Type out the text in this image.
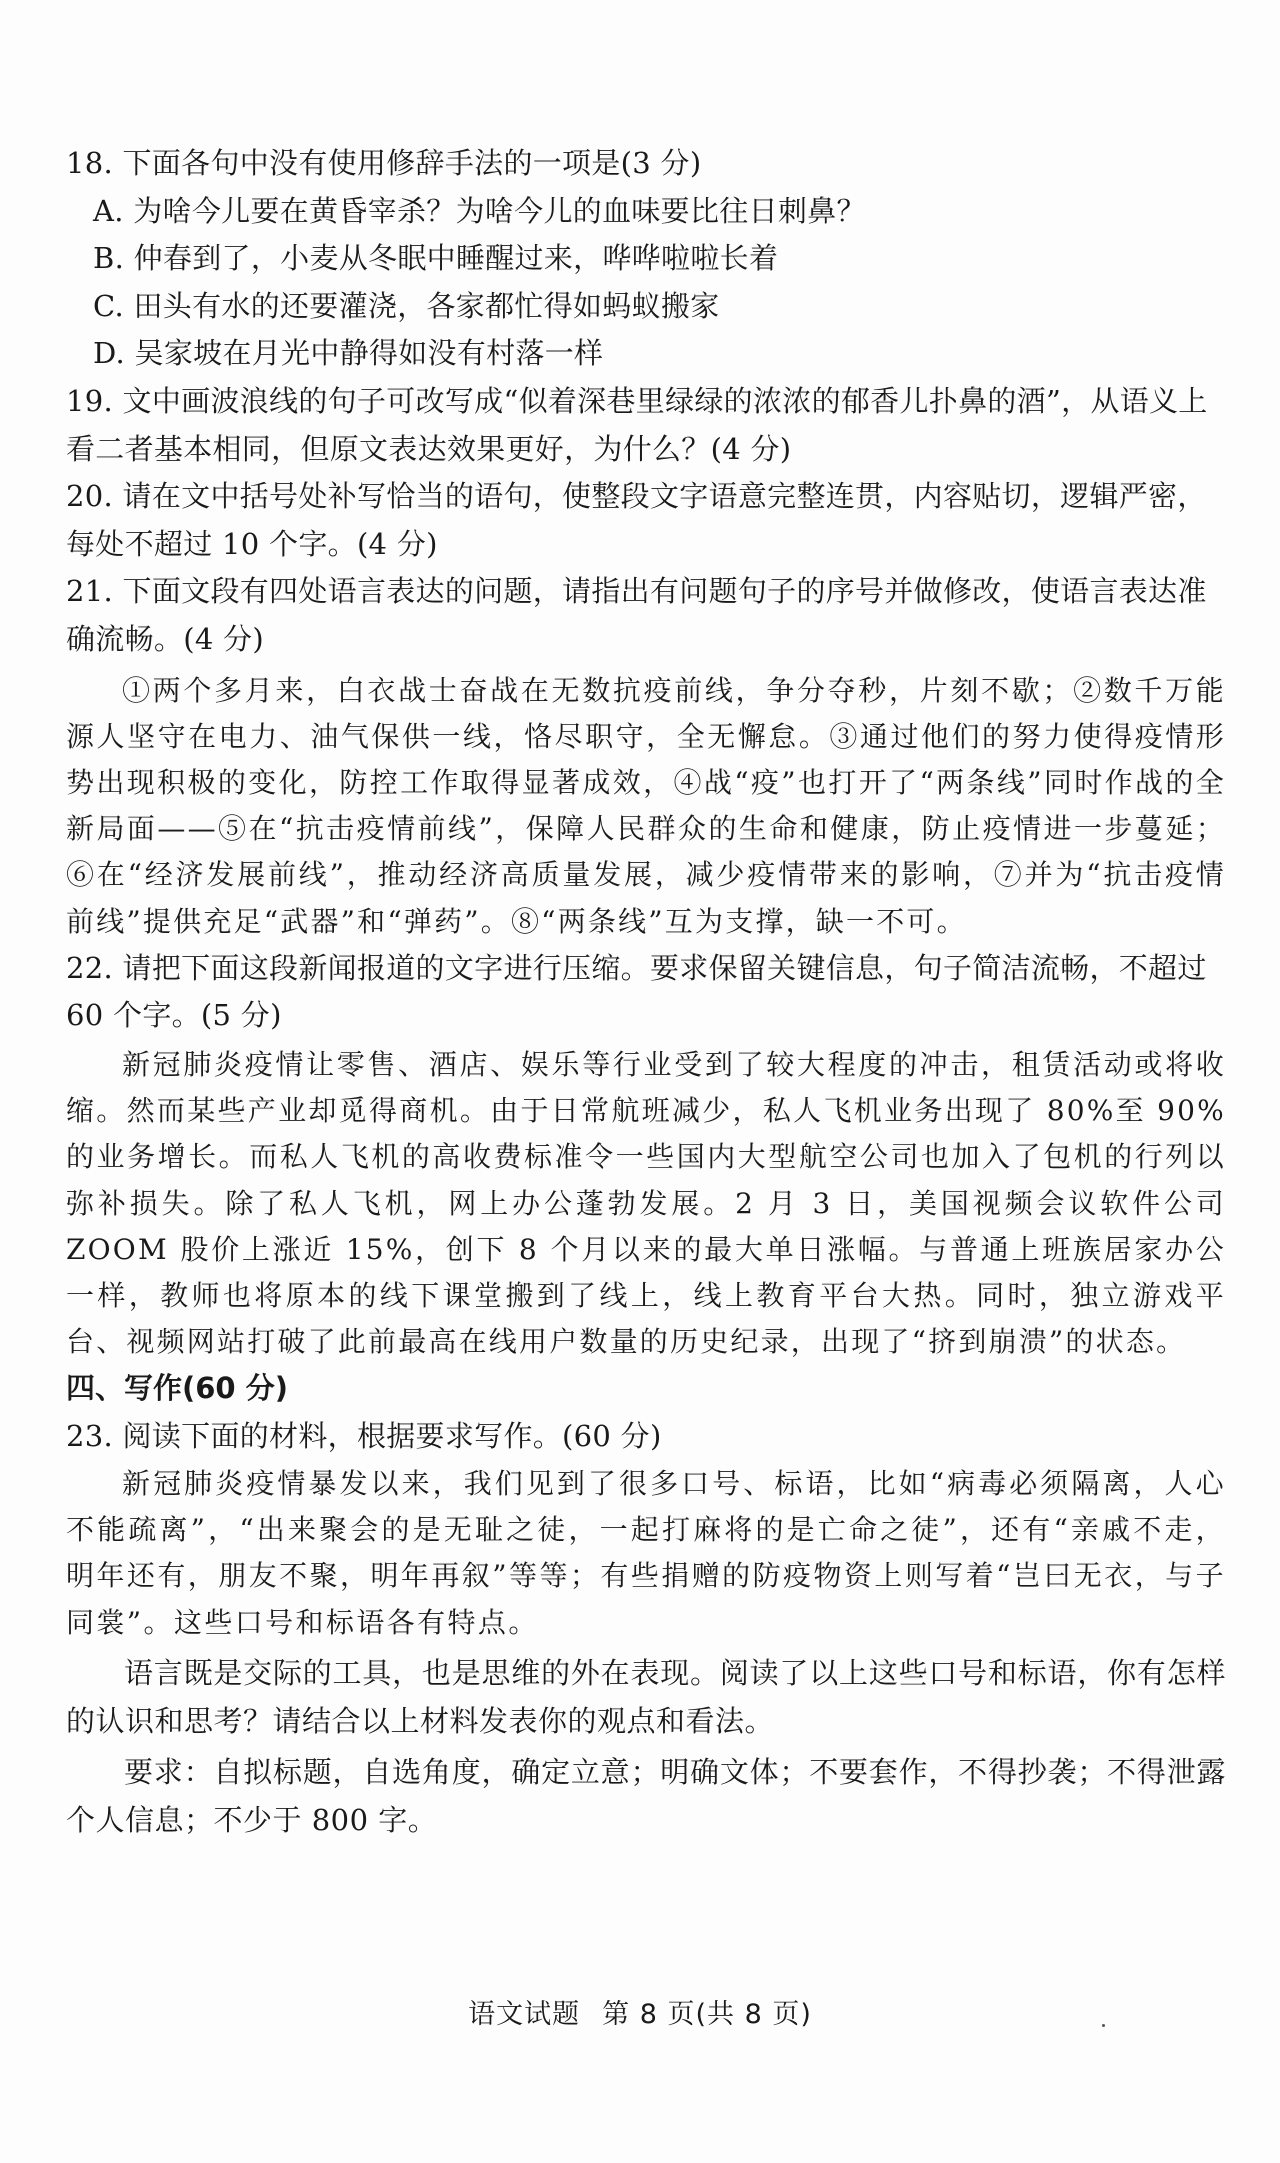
18. 下面各句中没有使用修辞手法的一项是(3 分)

A. 为啥今儿要在黄昏宰杀？为啥今儿的血味要比往日刺鼻？
B. 仲春到了，小麦从冬眠中睡醒过来，哗哗啦啦长着
C. 田头有水的还要灌浇，各家都忙得如蚂蚁搬家
D. 吴家坡在月光中静得如没有村落一样

19. 文中画波浪线的句子可改写成“似着深巷里绿绿的浓浓的郁香儿扑鼻的酒”，从语义上看二者基本相同，但原文表达效果更好，为什么？(4 分)

20. 请在文中括号处补写恰当的语句，使整段文字语意完整连贯，内容贴切，逻辑严密，每处不超过 10 个字。(4 分)

21. 下面文段有四处语言表达的问题，请指出有问题句子的序号并做修改，使语言表达准确流畅。(4 分)

①两个多月来，白衣战士奋战在无数抗疫前线，争分夺秒，片刻不歇；②数千万能源人坚守在电力、油气保供一线，恪尽职守，全无懈怠。③通过他们的努力使得疫情形势出现积极的变化，防控工作取得显著成效，④战“疫”也打开了“两条线”同时作战的全新局面——⑤在“抗击疫情前线”，保障人民群众的生命和健康，防止疫情进一步蔓延；⑥在“经济发展前线”，推动经济高质量发展，减少疫情带来的影响，⑦并为“抗击疫情前线”提供充足“武器”和“弹药”。⑧“两条线”互为支撑，缺一不可。

22. 请把下面这段新闻报道的文字进行压缩。要求保留关键信息，句子简洁流畅，不超过 60 个字。(5 分)

新冠肺炎疫情让零售、酒店、娱乐等行业受到了较大程度的冲击，租赁活动或将收缩。然而某些产业却觅得商机。由于日常航班减少，私人飞机业务出现了 80%至 90%的业务增长。而私人飞机的高收费标准令一些国内大型航空公司也加入了包机的行列以弥补损失。除了私人飞机，网上办公蓬勃发展。2 月 3 日，美国视频会议软件公司 ZOOM 股价上涨近 15%，创下 8 个月以来的最大单日涨幅。与普通上班族居家办公一样，教师也将原本的线下课堂搬到了线上，线上教育平台大热。同时，独立游戏平台、视频网站打破了此前最高在线用户数量的历史纪录，出现了“挤到崩溃”的状态。

四、写作(60 分)

23. 阅读下面的材料，根据要求写作。(60 分)

新冠肺炎疫情暴发以来，我们见到了很多口号、标语，比如“病毒必须隔离，人心不能疏离”，“出来聚会的是无耻之徒，一起打麻将的是亡命之徒”，还有“亲戚不走，明年还有，朋友不聚，明年再叙”等等；有些捐赠的防疫物资上则写着“岂曰无衣，与子同裳”。这些口号和标语各有特点。

语言既是交际的工具，也是思维的外在表现。阅读了以上这些口号和标语，你有怎样的认识和思考？请结合以上材料发表你的观点和看法。

要求：自拟标题，自选角度，确定立意；明确文体；不要套作，不得抄袭；不得泄露个人信息；不少于 800 字。

语文试题 第 8 页(共 8 页)
